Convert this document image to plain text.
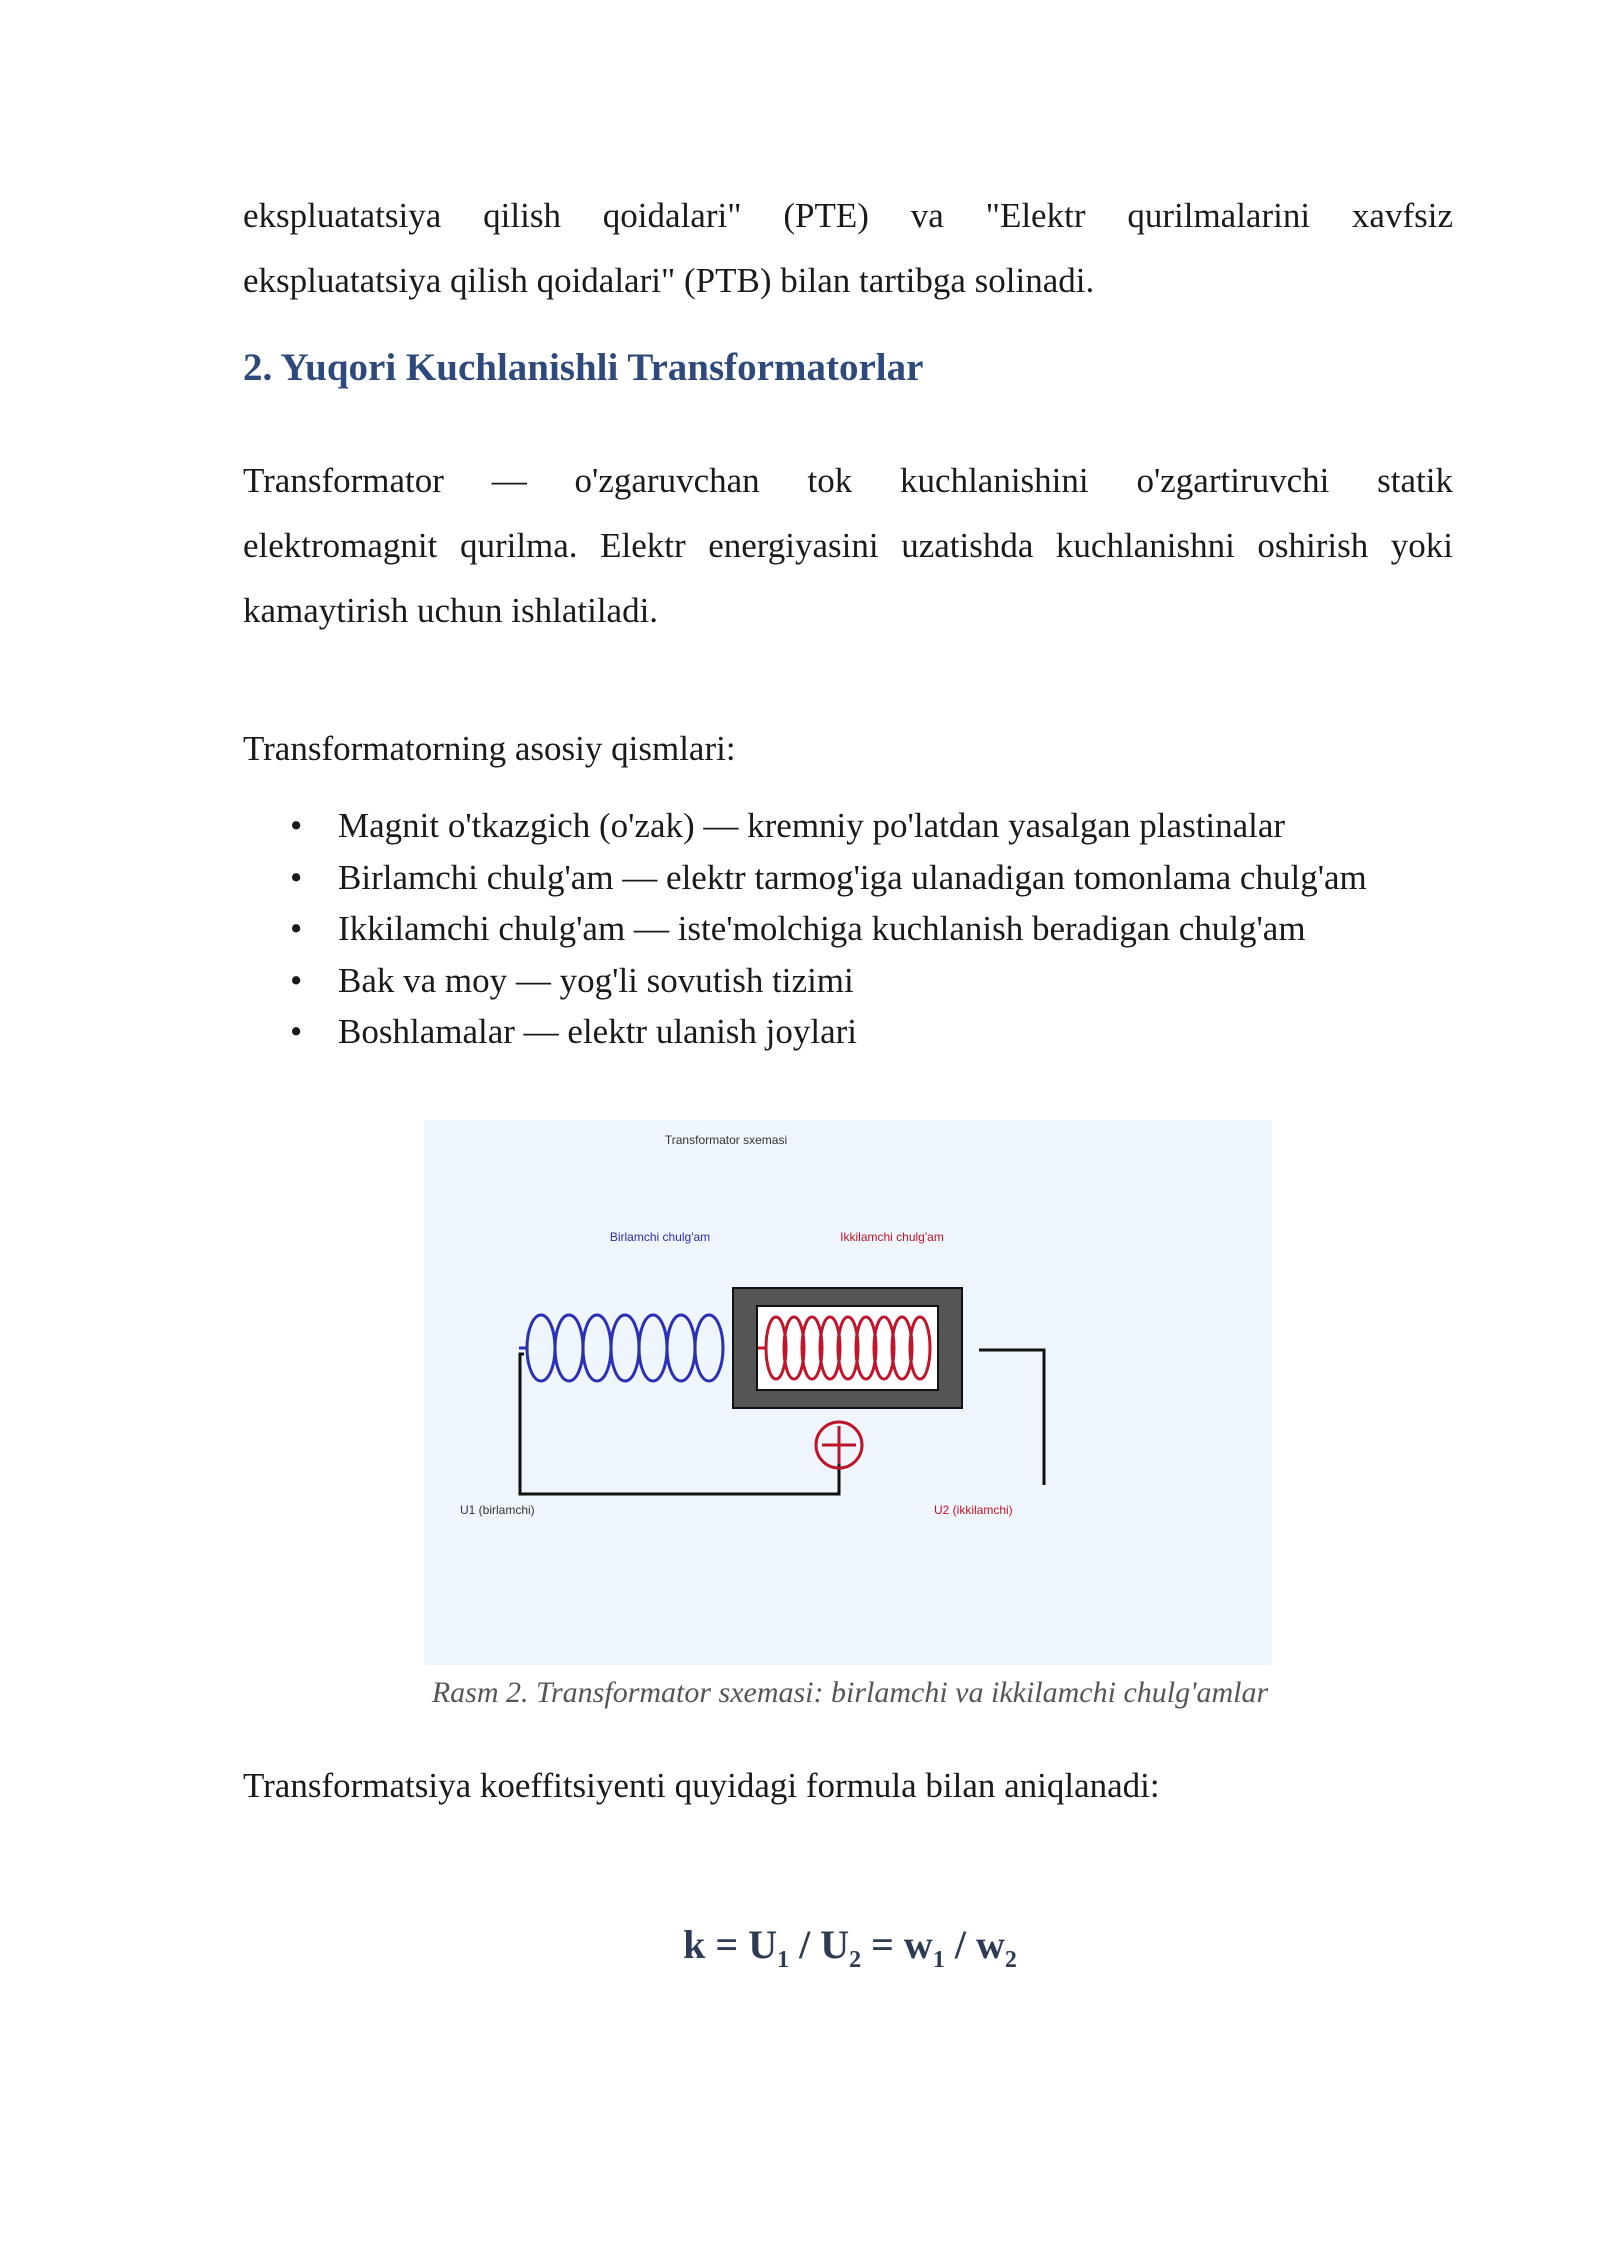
ekspluatatsiya qilish qoidalari" (PTE) va "Elektr qurilmalarini xavfsiz
ekspluatatsiya qilish qoidalari" (PTB) bilan tartibga solinadi.
2. Yuqori Kuchlanishli Transformatorlar
Transformator — o'zgaruvchan tok kuchlanishini o'zgartiruvchi statik
elektromagnit qurilma. Elektr energiyasini uzatishda kuchlanishni oshirish yoki
kamaytirish uchun ishlatiladi.
Transformatorning asosiy qismlari:
• Magnit o'tkazgich (o'zak) — kremniy po'latdan yasalgan plastinalar
• Birlamchi chulg'am — elektr tarmog'iga ulanadigan tomonlama chulg'am
• Ikkilamchi chulg'am — iste'molchiga kuchlanish beradigan chulg'am
• Bak va moy — yog'li sovutish tizimi
• Boshlamalar — elektr ulanish joylari
Transformator sxemasi
Birlamchi chulg'am	Ikkilamchi chulg'am
U1 (birlamchi)	U2 (ikkilamchi)
Rasm 2. Transformator sxemasi: birlamchi va ikkilamchi chulg'amlar
Transformatsiya koeffitsiyenti quyidagi formula bilan aniqlanadi:
$k = U_1 / U_2 = w_1 / w_2$
